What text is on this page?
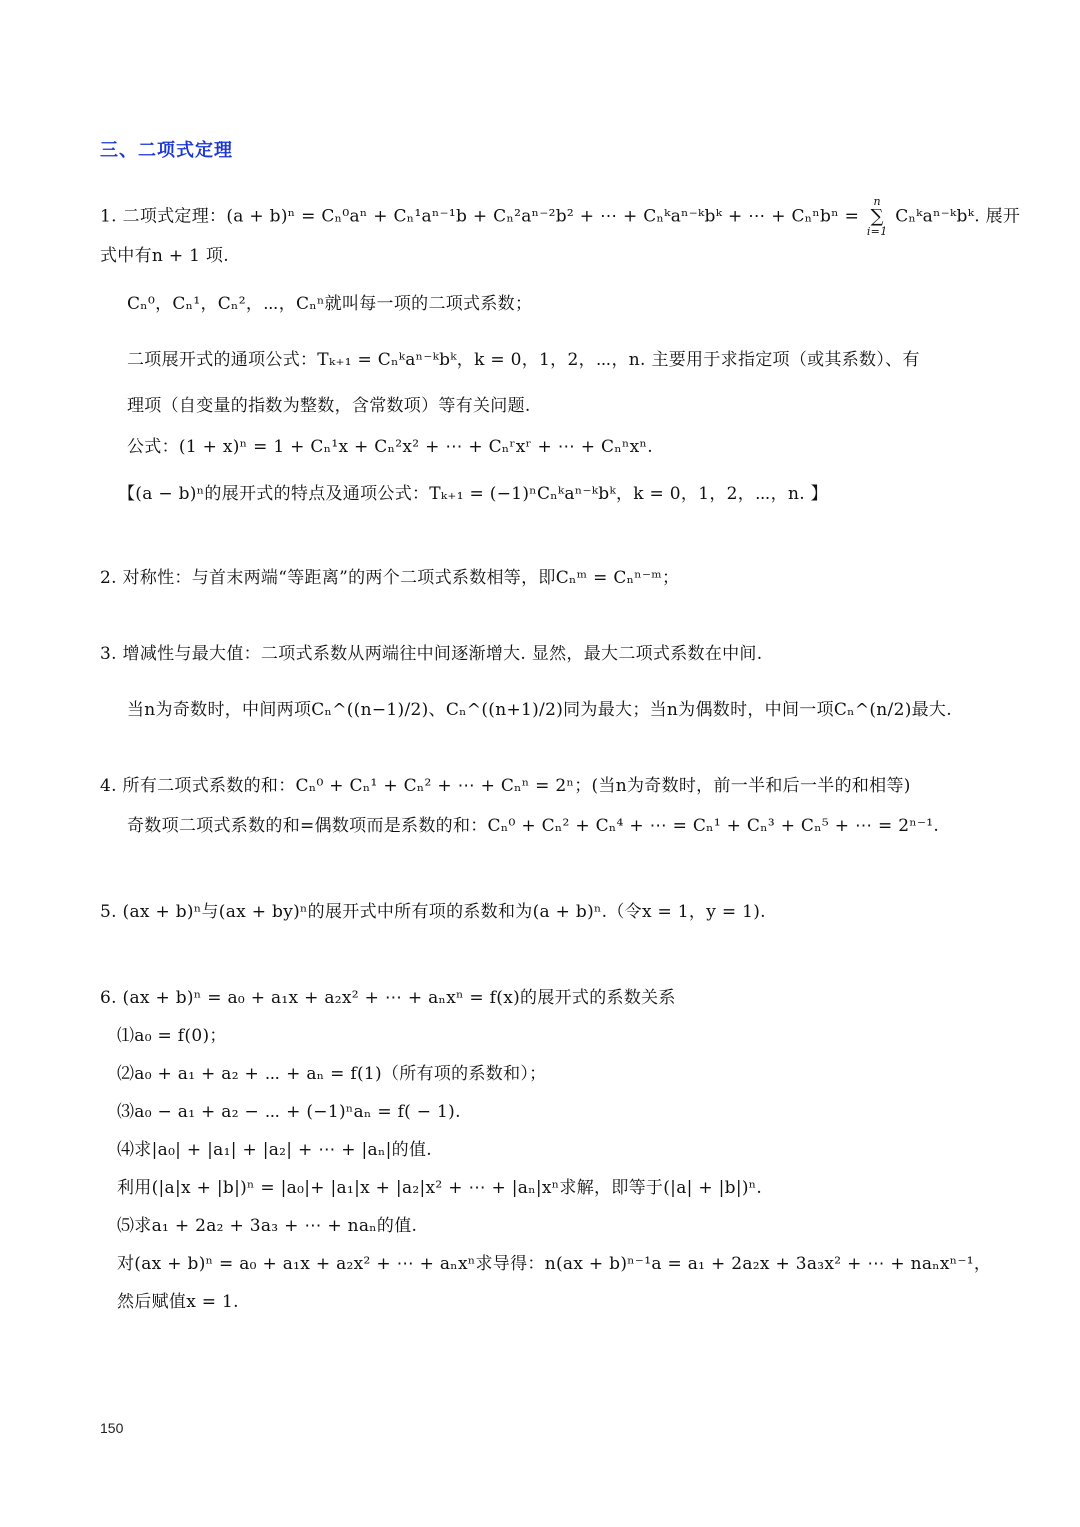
三、二项式定理
1. 二项式定理：(a + b)ⁿ = Cₙ⁰aⁿ + Cₙ¹aⁿ⁻¹b + Cₙ²aⁿ⁻²b² + ⋯ + Cₙᵏaⁿ⁻ᵏbᵏ + ⋯ + Cₙⁿbⁿ = n
∑
i=1 Cₙᵏaⁿ⁻ᵏbᵏ. 展开
式中有n + 1 项.
Cₙ⁰，Cₙ¹，Cₙ²，⋯，Cₙⁿ就叫每一项的二项式系数；
二项展开式的通项公式：Tₖ₊₁ = Cₙᵏaⁿ⁻ᵏbᵏ，k = 0，1，2，⋯，n. 主要用于求指定项（或其系数）、有
理项（自变量的指数为整数，含常数项）等有关问题.
公式：(1 + x)ⁿ = 1 + Cₙ¹x + Cₙ²x² + ⋯ + Cₙʳxʳ + ⋯ + Cₙⁿxⁿ.
【(a − b)ⁿ的展开式的特点及通项公式：Tₖ₊₁ = (−1)ⁿCₙᵏaⁿ⁻ᵏbᵏ，k = 0，1，2，⋯，n. 】
2. 对称性：与首末两端“等距离”的两个二项式系数相等，即Cₙᵐ = Cₙⁿ⁻ᵐ；
3. 增减性与最大值：二项式系数从两端往中间逐渐增大. 显然，最大二项式系数在中间.
当n为奇数时，中间两项Cₙ^((n−1)/2)、Cₙ^((n+1)/2)同为最大；当n为偶数时，中间一项Cₙ^(n/2)最大.
4. 所有二项式系数的和：Cₙ⁰ + Cₙ¹ + Cₙ² + ⋯ + Cₙⁿ = 2ⁿ；(当n为奇数时，前一半和后一半的和相等)
奇数项二项式系数的和=偶数项而是系数的和：Cₙ⁰ + Cₙ² + Cₙ⁴ + ⋯ = Cₙ¹ + Cₙ³ + Cₙ⁵ + ⋯ = 2ⁿ⁻¹.
5. (ax + b)ⁿ与(ax + by)ⁿ的展开式中所有项的系数和为(a + b)ⁿ.（令x = 1，y = 1).
6. (ax + b)ⁿ = a₀ + a₁x + a₂x² + ⋯ + aₙxⁿ = f(x)的展开式的系数关系
⑴a₀ = f(0)；
⑵a₀ + a₁ + a₂ + ⋯ + aₙ = f(1)（所有项的系数和）；
⑶a₀ − a₁ + a₂ − ⋯ + (−1)ⁿaₙ = f( − 1).
⑷求|a₀| + |a₁| + |a₂| + ⋯ + |aₙ|的值.
利用(|a|x + |b|)ⁿ = |a₀|+ |a₁|x + |a₂|x² + ⋯ + |aₙ|xⁿ求解，即等于(|a| + |b|)ⁿ.
⑸求a₁ + 2a₂ + 3a₃ + ⋯ + naₙ的值.
对(ax + b)ⁿ = a₀ + a₁x + a₂x² + ⋯ + aₙxⁿ求导得：n(ax + b)ⁿ⁻¹a = a₁ + 2a₂x + 3a₃x² + ⋯ + naₙxⁿ⁻¹，
然后赋值x = 1.
150
